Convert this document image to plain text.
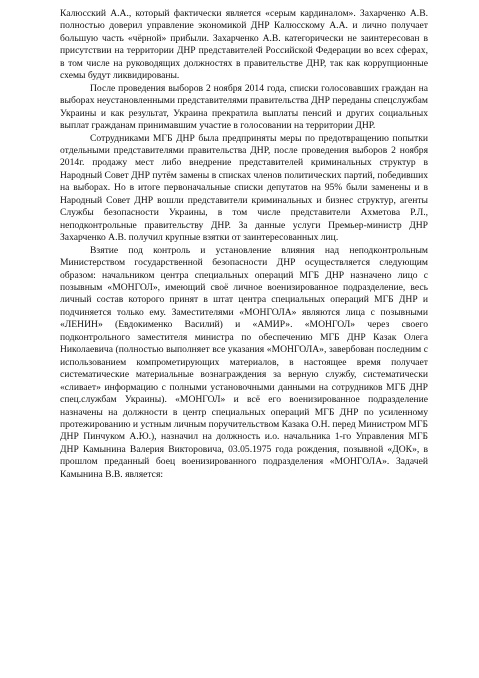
Калюсский А.А., который фактически является «серым кардиналом». Захарченко А.В. полностью доверил управление экономикой ДНР Калюсскому А.А. и лично получает большую часть «чёрной» прибыли. Захарченко А.В. категорически не заинтересован в присутствии на территории ДНР представителей Российской Федерации во всех сферах, в том числе на руководящих должностях в правительстве ДНР, так как коррупционные схемы будут ликвидированы.

После проведения выборов 2 ноября 2014 года, списки голосовавших граждан на выборах неустановленными представителями правительства ДНР переданы спецслужбам Украины и как результат, Украина прекратила выплаты пенсий и других социальных выплат гражданам принимавшим участие в голосовании на территории ДНР.

Сотрудниками МГБ ДНР была предприняты меры по предотвращению попытки отдельными представителями правительства ДНР, после проведения выборов 2 ноября 2014г. продажу мест либо внедрение представителей криминальных структур в Народный Совет ДНР путём замены в списках членов политических партий, победивших на выборах. Но в итоге первоначальные списки депутатов на 95% были заменены и в Народный Совет ДНР вошли представители криминальных и бизнес структур, агенты Службы безопасности Украины, в том числе представители Ахметова Р.Л., неподконтрольные правительству ДНР. За данные услуги Премьер-министр ДНР Захарченко А.В. получил крупные взятки от заинтересованных лиц.

Взятие под контроль и установление влияния над неподконтрольным Министерством государственной безопасности ДНР осуществляется следующим образом: начальником центра специальных операций МГБ ДНР назначено лицо с позывным «МОНГОЛ», имеющий своё личное военизированное подразделение, весь личный состав которого принят в штат центра специальных операций МГБ ДНР и подчиняется только ему. Заместителями «МОНГОЛА» являются лица с позывными «ЛЕНИН» (Евдокименко Василий) и «АМИР». «МОНГОЛ» через своего подконтрольного заместителя министра по обеспечению МГБ ДНР Казак Олега Николаевича (полностью выполняет все указания «МОНГОЛА», завербован последним с использованием компрометирующих материалов, в настоящее время получает систематические материальные вознаграждения за верную службу, систематически «сливает» информацию с полными установочными данными на сотрудников МГБ ДНР спец.службам Украины). «МОНГОЛ» и всё его военизированное подразделение назначены на должности в центр специальных операций МГБ ДНР по усиленному протежированию и устным личным поручительством Казака О.Н. перед Министром МГБ ДНР Пинчуком А.Ю.), назначил на должность и.о. начальника 1-го Управления МГБ ДНР Камынина Валерия Викторовича, 03.05.1975 года рождения, позывной «ДОК», в прошлом преданный боец военизированного подразделения «МОНГОЛА». Задачей Камынина В.В. является:
